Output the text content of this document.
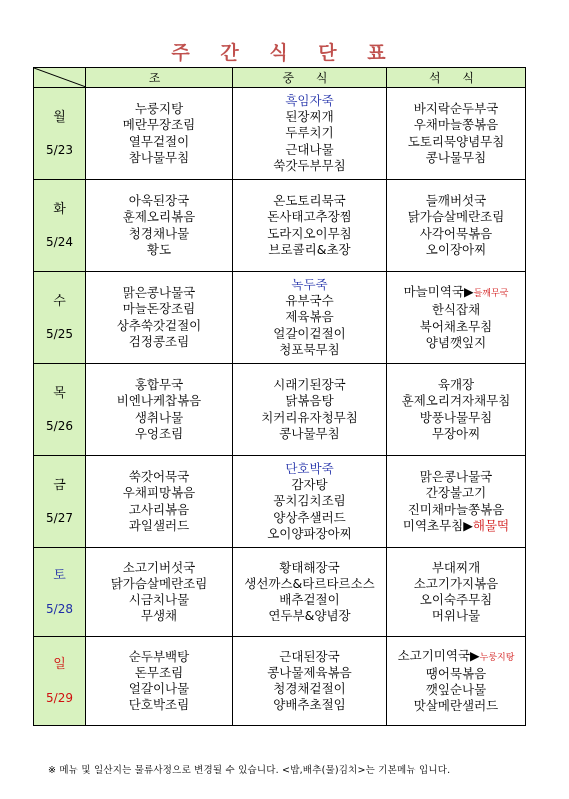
주 간 식 단 표
	조	중 식	석 식

월
5/23	누룽지탕
메란무장조림
열무겉절이
참나물무침	흑임자죽
된장찌개
두루치기
근대나물
쑥갓두부무침	바지락순두부국
우채마늘쫑볶음
도토리묵양념무침
콩나물무침

화
5/24	아욱된장국
훈제오리볶음
청경채나물
황도	온도토리묵국
돈사태고추장찜
도라지오이무침
브로콜리&초장	들깨버섯국
닭가슴살메란조림
사각어묵볶음
오이장아찌

수
5/25	맑은콩나물국
마늘돈장조림
상추쑥갓겉절이
검정콩조림	녹두죽
유부국수
제육볶음
얼갈이겉절이
청포묵무침	마늘미역국▶들깨무국
한식잡채
북어채초무침
양념깻잎지

목
5/26	홍합무국
비엔나케찹볶음
생취나물
우엉조림	시래기된장국
닭볶음탕
치커리유자청무침
콩나물무침	육개장
훈제오리겨자채무침
방풍나물무침
무장아찌

금
5/27	쑥갓어묵국
우채피망볶음
고사리볶음
과일샐러드	단호박죽
감자탕
꽁치김치조림
양상추샐러드
오이양파장아찌	맑은콩나물국
간장불고기
진미채마늘쫑볶음
미역초무침▶해물떡

토
5/28	소고기버섯국
닭가슴살메란조림
시금치나물
무생채	황태해장국
생선까스&타르타르소스
배추겉절이
연두부&양념장	부대찌개
소고기가지볶음
오이숙주무침
머위나물

일
5/29	순두부백탕
돈무조림
얼갈이나물
단호박조림	근대된장국
콩나물제육볶음
청경채겉절이
양배추초절임	소고기미역국▶누룽지탕
땡어묵볶음
깻잎순나물
맛살메란샐러드
※ 메뉴 및 일산지는 물류사정으로 변경될 수 있습니다. <밥,배추(물)김치>는 기본메뉴 입니다.
